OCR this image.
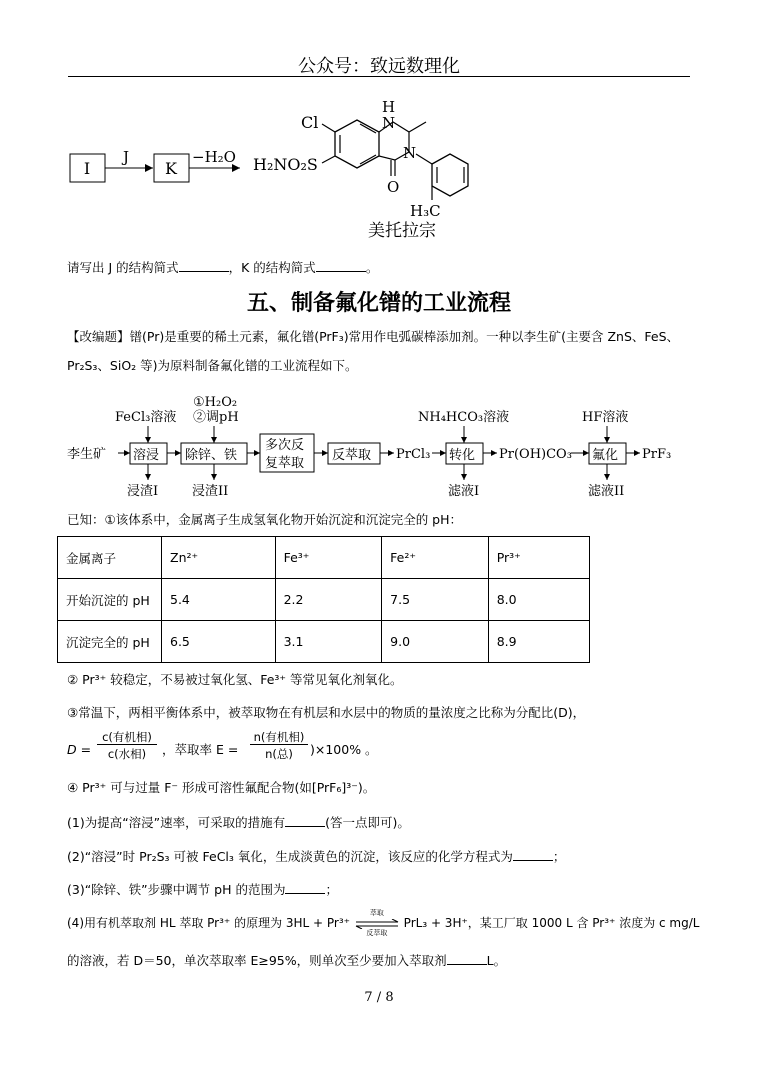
公众号：致远数理化
I
J
K
−H₂O H₂NO₂S
Cl
H
N
N
O
H₃C
美托拉宗
请写出 J 的结构简式	，K 的结构简式	。
五、制备氟化镨的工业流程
【改编题】镨(Pr)是重要的稀土元素，氟化镨(PrF₃)常用作电弧碳棒添加剂。一种以李生矿(主要含 ZnS、FeS、
Pr₂S₃、SiO₂ 等)为原料制备氟化镨的工业流程如下。
李生矿 溶浸 除锌、铁
多次反
复萃取
反萃取 PrCl₃ 转化 Pr(OH)CO₃ 氟化 PrF₃
FeCl₃溶液
①H₂O₂
②调pH	NH₄HCO₃溶液	HF溶液
浸渣I	浸渣II	滤液I	滤液II
已知：①该体系中，金属离子生成氢氧化物开始沉淀和沉淀完全的 pH：
金属离子	Zn²⁺	Fe³⁺	Fe²⁺	Pr³⁺
开始沉淀的 pH	5.4	2.2	7.5	8.0
沉淀完全的 pH	6.5	3.1	9.0	8.9
② Pr³⁺ 较稳定，不易被过氧化氢、Fe³⁺ 等常见氧化剂氧化。
③常温下，两相平衡体系中，被萃取物在有机层和水层中的物质的量浓度之比称为分配比(D)，
D =
c(有机相)
c(水相)	，萃取率 E =
n(有机相)
n(总)	)×100% 。
④ Pr³⁺ 可与过量 F⁻ 形成可溶性氟配合物(如[PrF₆]³⁻)。
(1)为提高“溶浸”速率，可采取的措施有	(答一点即可)。
(2)“溶浸”时 Pr₂S₃ 可被 FeCl₃ 氧化，生成淡黄色的沉淀，该反应的化学方程式为	；
(3)“除锌、铁”步骤中调节 pH 的范围为	；
(4)用有机萃取剂 HL 萃取 Pr³⁺ 的原理为 3HL + Pr³⁺
萃取
反萃取
PrL₃ + 3H⁺，某工厂取 1000 L 含 Pr³⁺ 浓度为 c mg/L
的溶液，若 D＝50，单次萃取率 E≥95%，则单次至少要加入萃取剂	L。
7 / 8
